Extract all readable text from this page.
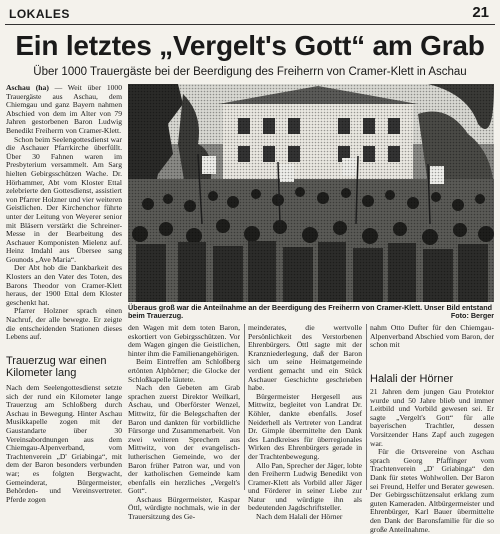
LOKALES	21
Ein letztes „Vergelt's Gott“ am Grab
Über 1000 Trauergäste bei der Beerdigung des Freiherrn von Cramer-Klett in Aschau

Aschau (ha) — Weit über 1000 Trauergäste aus Aschau, dem Chiemgau und ganz Bayern nahmen Abschied von dem im Alter von 79 Jahren gestorbenen Baron Ludwig Benedikt Freiherrn von Cramer-Klett.

Schon beim Seelengottesdienst war die Aschauer Pfarrkirche überfüllt. Über 30 Fahnen waren im Presbyterium versammelt. Am Sarg hielten Gebirgsschützen Wache. Dr. Hörhammer, Abt vom Kloster Ettal zelebrierte den Gottesdienst, assistiert von Pfarrer Holzner und vier weiteren Geistlichen. Der Kirchenchor führte unter der Leitung von Weyerer senior mit Bläsern verstärkt die Schreiner-Messe in der Bearbeitung des Aschauer Komponisten Mielenz auf. Heinz Imdahl aus Übersee sang Gounods „Ave Maria“.

Der Abt hob die Dankbarkeit des Klosters an den Vater des Toten, des Barons Theodor von Cramer-Klett heraus, der 1900 Ettal dem Kloster geschenkt hat.

Pfarrer Holzner sprach einen Nachruf, der alle bewegte. Er zeigte die entscheidenden Stationen dieses Lebens auf.

Überaus groß war die Anteilnahme an der Beerdigung des Freiherrn von Cramer-Klett. Unser Bild entstand beim Trauerzug.	Foto: Berger
Trauerzug war einen Kilometer lang

Nach dem Seelengottesdienst setzte sich der rund ein Kilometer lange Trauerzug am Schloßberg durch Aschau in Bewegung. Hinter Aschau Musikkapelle zogen mit der Gaustandarte über 30 Vereinsabordnungen aus dem Chiemgau-Alpenverband, vom Trachtenverein „D' Griabinga“, mit dem der Baron besonders verbunden war; es folgten Bergwacht, Gemeinderat, Bürgermeister, Behörden- und Vereinsvertreter. Pferde zogen

den Wagen mit dem toten Baron, eskortiert von Gebirgsschützen. Vor dem Wagen gingen die Geistlichen, hinter ihm die Familienangehörigen.

Beim Eintreffen am Schloßberg ertönten Alphörner; die Glocke der Schloßkapelle läutete.

Nach den Gebeten am Grab sprachen zuerst Direktor Weilkarl, Aschau, und Oberförster Wenzel, Mittwitz, für die Belegschaften der Baron und dankten für vorbildliche Fürsorge und Zusammenarbeit. Von zwei weiteren Sprechern aus Mittwitz, von der evangelisch-lutherischen Gemeinde, wo der Baron früher Patron war, und von der katholischen Gemeinde kam ebenfalls ein herzliches „Vergelt's Gott“.

Aschaus Bürgermeister, Kaspar Öttl, würdigte nochmals, wie in der Trauersitzung des Ge-

meinderates, die wertvolle Persönlichkeit des Verstorbenen Ehrenbürgers. Öttl sagte mit der Kranzniederlegung, daß der Baron sich um seine Heimatgemeinde verdient gemacht und ein Stück Aschauer Geschichte geschrieben habe.

Bürgermeister Hergesell aus Mittwitz, begleitet von Landrat Dr. Köhler, dankte ebenfalls. Josef Neiderhell als Vertreter von Landrat Dr. Gimple übermittelte den Dank des Landkreises für überregionales Wirken des Ehrenbürgers gerade in der Trachtenbewegung.

Allo Pan, Sprecher der Jäger, lobte den Freiherrn Ludwig Benedikt von Cramer-Klett als Vorbild aller Jäger und Förderer in seiner Liebe zur Natur und würdigte ihn als bedeutenden Jagdschriftsteller.

Nach dem Halali der Hörner

nahm Otto Dufter für den Chiemgau-Alpenverband Abschied vom Baron, der schon mit

Halali der Hörner

21 Jahren dem jungen Gau Protektor wurde und 50 Jahre blieb und immer Leitbild und Vorbild gewesen sei. Er sagte „Vergelt's Gott“ für alle bayerischen Trachtler, dessen Vorsitzender Hans Zapf auch zugegen war.

Für die Ortsvereine von Aschau sprach Georg Pfaffinger vom Trachtenverein „D' Griabinga“ den Dank für stetes Wohlwollen. Der Baron sei Freund, Helfer und Berater gewesen. Der Gebirgsschützensalut erklang zum guten Kameraden. Altbürgermeister und Ehrenbürger, Karl Bauer übermittelte den Dank der Baronsfamilie für die so große Anteilnahme.
